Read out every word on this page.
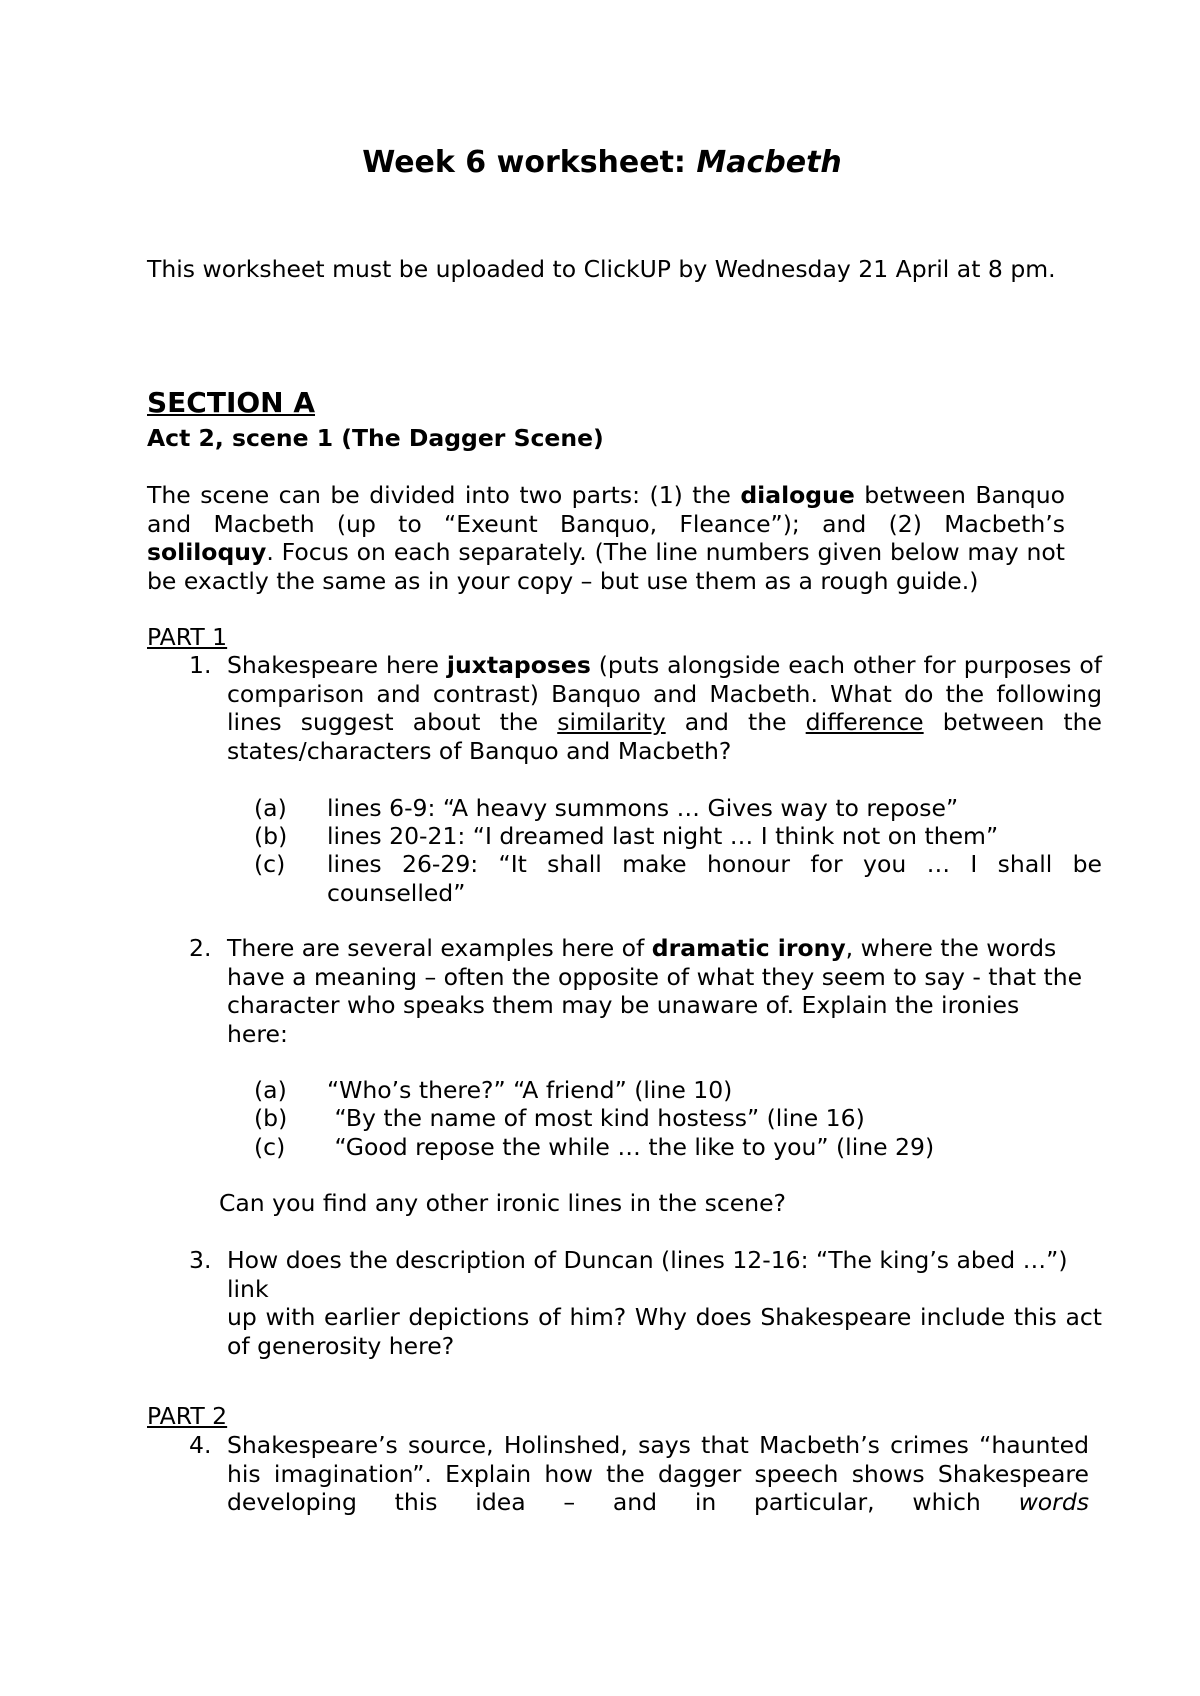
Week 6 worksheet: Macbeth
This worksheet must be uploaded to ClickUP by Wednesday 21 April at 8 pm.
SECTION A
Act 2, scene 1 (The Dagger Scene)
The scene can be divided into two parts: (1) the dialogue between Banquo and Macbeth (up to “Exeunt Banquo, Fleance”); and (2) Macbeth’s soliloquy. Focus on each separately. (The line numbers given below may not be exactly the same as in your copy – but use them as a rough guide.)
PART 1
1. Shakespeare here juxtaposes (puts alongside each other for purposes of comparison and contrast) Banquo and Macbeth. What do the following lines suggest about the similarity and the difference between the states/characters of Banquo and Macbeth?
(a) lines 6-9: “A heavy summons … Gives way to repose”
(b) lines 20-21: “I dreamed last night … I think not on them”
(c) lines 26-29: “It shall make honour for you … I shall be counselled”
2. There are several examples here of dramatic irony, where the words have a meaning – often the opposite of what they seem to say - that the character who speaks them may be unaware of. Explain the ironies here:
(a) “Who’s there?” “A friend” (line 10)
(b) “By the name of most kind hostess” (line 16)
(c) “Good repose the while … the like to you” (line 29)
Can you find any other ironic lines in the scene?
3. How does the description of Duncan (lines 12-16: “The king’s abed …”) link
up with earlier depictions of him? Why does Shakespeare include this act of generosity here?
PART 2
4. Shakespeare’s source, Holinshed, says that Macbeth’s crimes “haunted his imagination”. Explain how the dagger speech shows Shakespeare developing this idea – and in particular, which words
